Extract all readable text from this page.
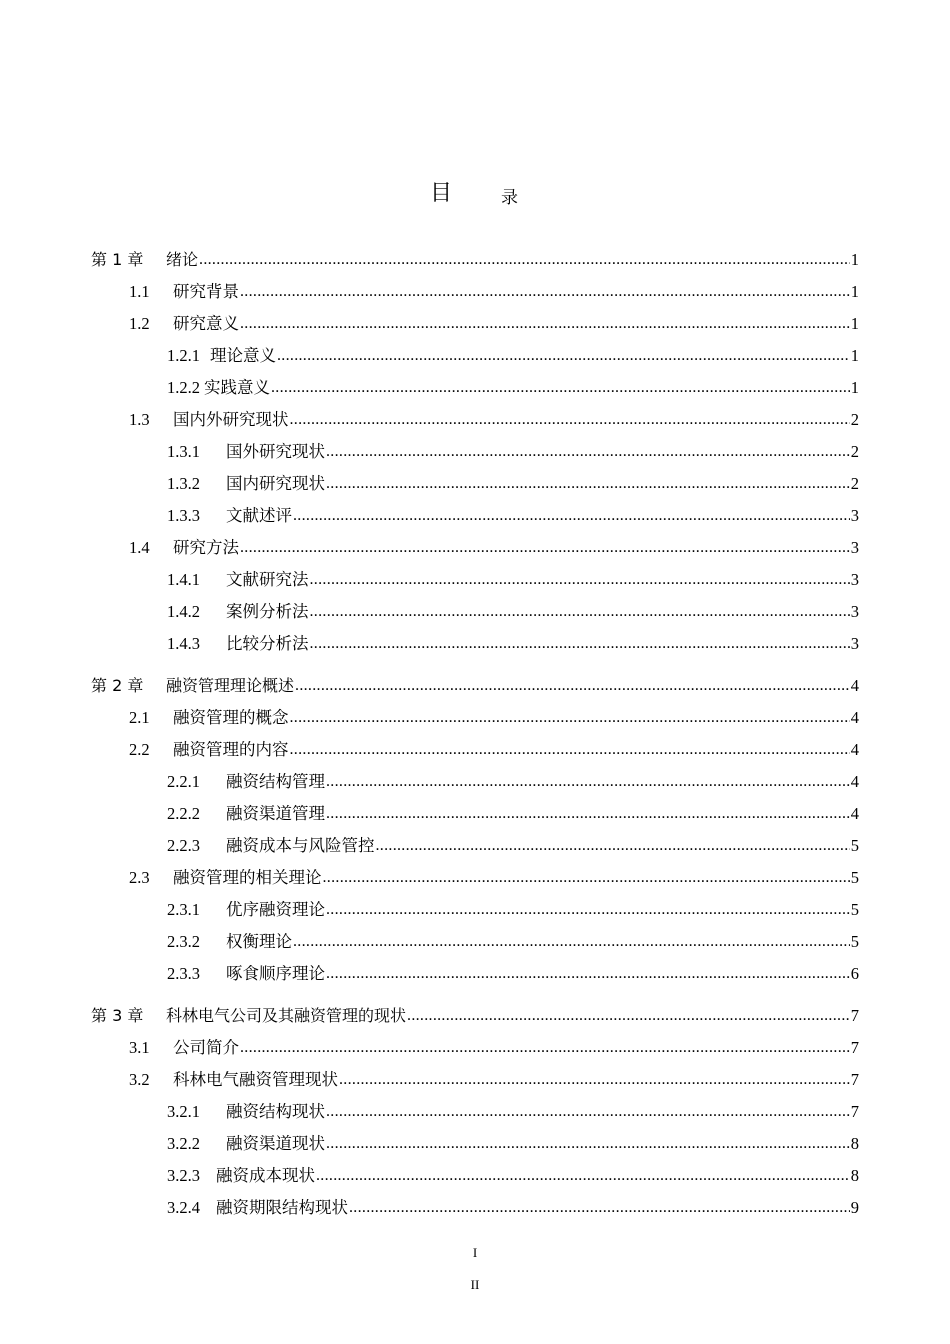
目	录
第 1 章	绪论 .....	1
1.1	研究背景 .....	1
1.2	研究意义 .....	1
1.2.1 理论意义 .....	1
1.2.2 实践意义 .....	1
1.3	国内外研究现状 .....	2
1.3.1	国外研究现状 .....	2
1.3.2	国内研究现状 .....	2
1.3.3	文献述评 .....	3
1.4	研究方法 .....	3
1.4.1	文献研究法 .....	3
1.4.2	案例分析法 .....	3
1.4.3	比较分析法 .....	3
第 2 章	融资管理理论概述 .....	4
2.1	融资管理的概念 .....	4
2.2	融资管理的内容 .....	4
2.2.1	融资结构管理 .....	4
2.2.2	融资渠道管理 .....	4
2.2.3	融资成本与风险管控 .....	5
2.3	融资管理的相关理论 .....	5
2.3.1	优序融资理论 .....	5
2.3.2	权衡理论 .....	5
2.3.3	啄食顺序理论 .....	6
第 3 章	科林电气公司及其融资管理的现状 .....	7
3.1	公司简介 .....	7
3.2	科林电气融资管理现状 .....	7
3.2.1	融资结构现状 .....	7
3.2.2	融资渠道现状 .....	8
3.2.3 融资成本现状 .....	8
3.2.4 融资期限结构现状 .....	9
I
II
